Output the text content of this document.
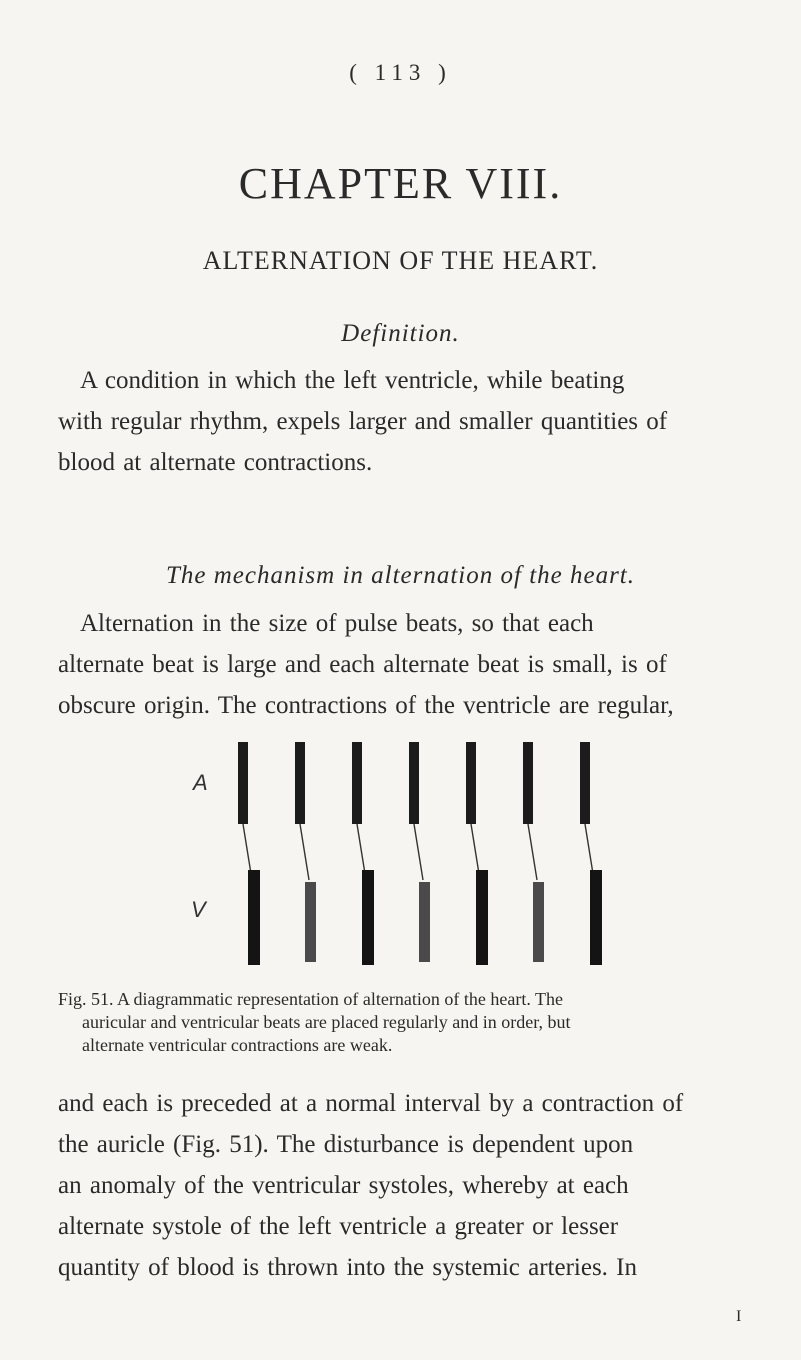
( 113 )
CHAPTER VIII.
ALTERNATION OF THE HEART.
Definition.

A condition in which the left ventricle, while beating

with regular rhythm, expels larger and smaller quantities of

blood at alternate contractions.

The mechanism in alternation of the heart.

Alternation in the size of pulse beats, so that each

alternate beat is large and each alternate beat is small, is of

obscure origin. The contractions of the ventricle are regular,

A
V
Fig. 51. A diagrammatic representation of alternation of the heart. The
auricular and ventricular beats are placed regularly and in order, but
alternate ventricular contractions are weak.

and each is preceded at a normal interval by a contraction of

the auricle (Fig. 51). The disturbance is dependent upon

an anomaly of the ventricular systoles, whereby at each

alternate systole of the left ventricle a greater or lesser

quantity of blood is thrown into the systemic arteries. In

I
